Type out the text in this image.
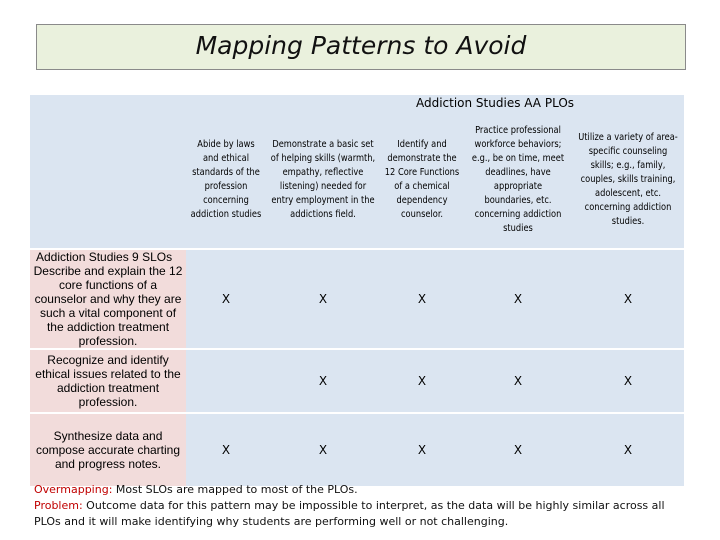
Mapping Patterns to Avoid
	Addiction Studies AA PLOs				

	Abide by laws and ethical standards of the profession concerning addiction studies	Demonstrate a basic set of helping skills (warmth, empathy, reflective listening) needed for entry employment in the addictions field.	Identify and demonstrate the 12 Core Functions of a chemical dependency counselor.	Practice professional workforce behaviors; e.g., be on time, meet deadlines, have appropriate boundaries, etc. concerning addiction studies	Utilize a variety of area-specific counseling skills; e.g., family, couples, skills training, adolescent, etc. concerning addiction studies.

Addiction Studies 9 SLOs
Describe and explain the 12 core functions of a counselor and why they are such a vital component of the addiction treatment profession.	X	X	X	X	X

Recognize and identify ethical issues related to the addiction treatment profession.		X	X	X	X

Synthesize data and compose accurate charting and progress notes.	X	X	X	X	X
Overmapping: Most SLOs are mapped to most of the PLOs.
Problem: Outcome data for this pattern may be impossible to interpret, as the data will be highly similar across all PLOs and it will make identifying why students are performing well or not challenging.
